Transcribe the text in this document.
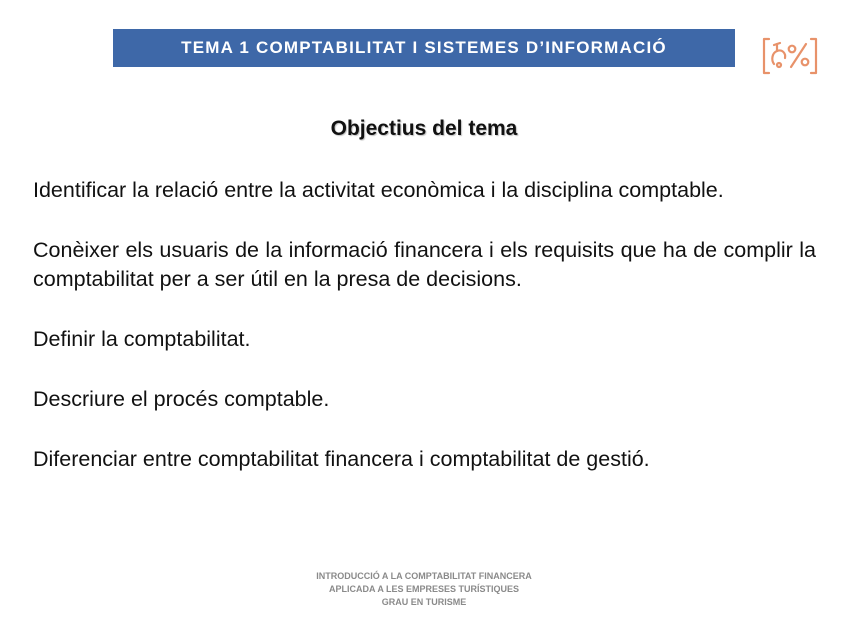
TEMA 1 COMPTABILITAT I SISTEMES D’INFORMACIÓ
Objectius del tema

Identificar la relació entre la activitat econòmica i la disciplina comptable.

Conèixer els usuaris de la informació financera i els requisits que ha de complir la comptabilitat per a ser útil en la presa de decisions.

Definir la comptabilitat.

Descriure el procés comptable.

Diferenciar entre comptabilitat financera i comptabilitat de gestió.

INTRODUCCIÓ A LA COMPTABILITAT FINANCERA
APLICADA A LES EMPRESES TURÍSTIQUES
GRAU EN TURISME
